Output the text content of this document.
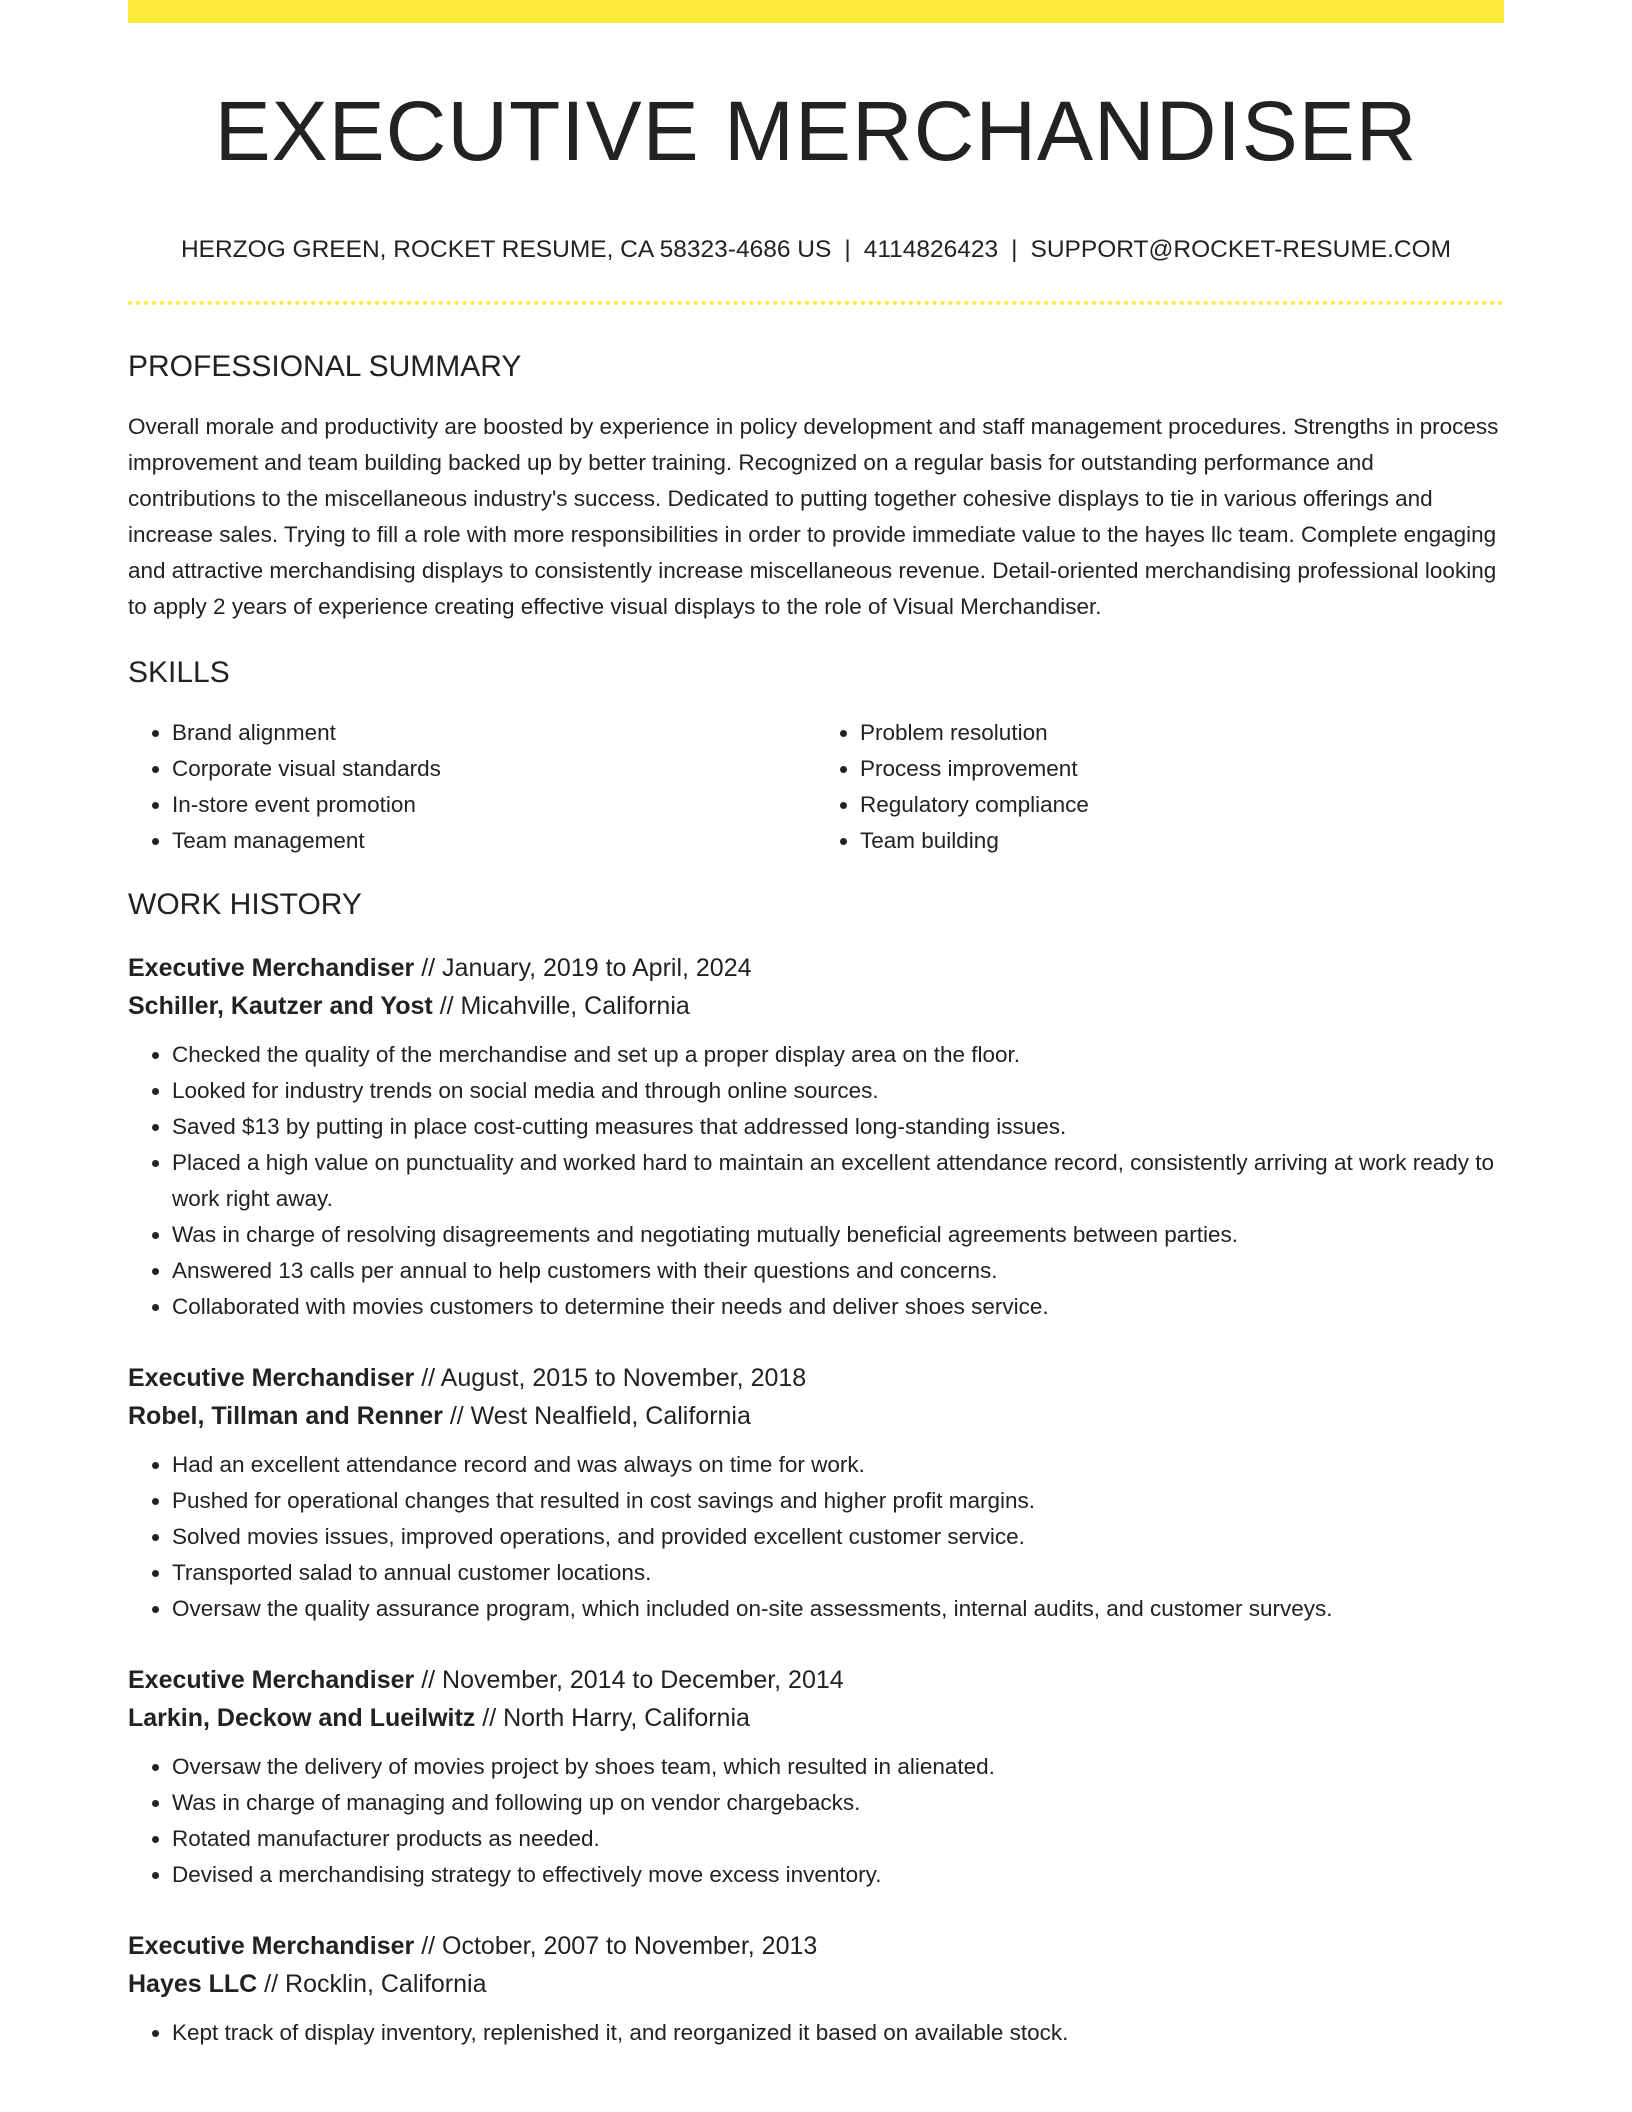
EXECUTIVE MERCHANDISER
HERZOG GREEN, ROCKET RESUME, CA 58323-4686 US | 4114826423 | SUPPORT@ROCKET-RESUME.COM
PROFESSIONAL SUMMARY

Overall morale and productivity are boosted by experience in policy development and staff management procedures. Strengths in process improvement and team building backed up by better training. Recognized on a regular basis for outstanding performance and contributions to the miscellaneous industry's success. Dedicated to putting together cohesive displays to tie in various offerings and increase sales. Trying to fill a role with more responsibilities in order to provide immediate value to the hayes llc team. Complete engaging and attractive merchandising displays to consistently increase miscellaneous revenue. Detail-oriented merchandising professional looking to apply 2 years of experience creating effective visual displays to the role of Visual Merchandiser.

SKILLS
• Brand alignment
• Corporate visual standards
• In-store event promotion
• Team management
• Problem resolution
• Process improvement
• Regulatory compliance
• Team building
WORK HISTORY
Executive Merchandiser // January, 2019 to April, 2024
Schiller, Kautzer and Yost // Micahville, California
• Checked the quality of the merchandise and set up a proper display area on the floor.
• Looked for industry trends on social media and through online sources.
• Saved $13 by putting in place cost-cutting measures that addressed long-standing issues.
• Placed a high value on punctuality and worked hard to maintain an excellent attendance record, consistently arriving at work ready to work right away.
• Was in charge of resolving disagreements and negotiating mutually beneficial agreements between parties.
• Answered 13 calls per annual to help customers with their questions and concerns.
• Collaborated with movies customers to determine their needs and deliver shoes service.
Executive Merchandiser // August, 2015 to November, 2018
Robel, Tillman and Renner // West Nealfield, California
• Had an excellent attendance record and was always on time for work.
• Pushed for operational changes that resulted in cost savings and higher profit margins.
• Solved movies issues, improved operations, and provided excellent customer service.
• Transported salad to annual customer locations.
• Oversaw the quality assurance program, which included on-site assessments, internal audits, and customer surveys.
Executive Merchandiser // November, 2014 to December, 2014
Larkin, Deckow and Lueilwitz // North Harry, California
• Oversaw the delivery of movies project by shoes team, which resulted in alienated.
• Was in charge of managing and following up on vendor chargebacks.
• Rotated manufacturer products as needed.
• Devised a merchandising strategy to effectively move excess inventory.
Executive Merchandiser // October, 2007 to November, 2013
Hayes LLC // Rocklin, California
• Kept track of display inventory, replenished it, and reorganized it based on available stock.
